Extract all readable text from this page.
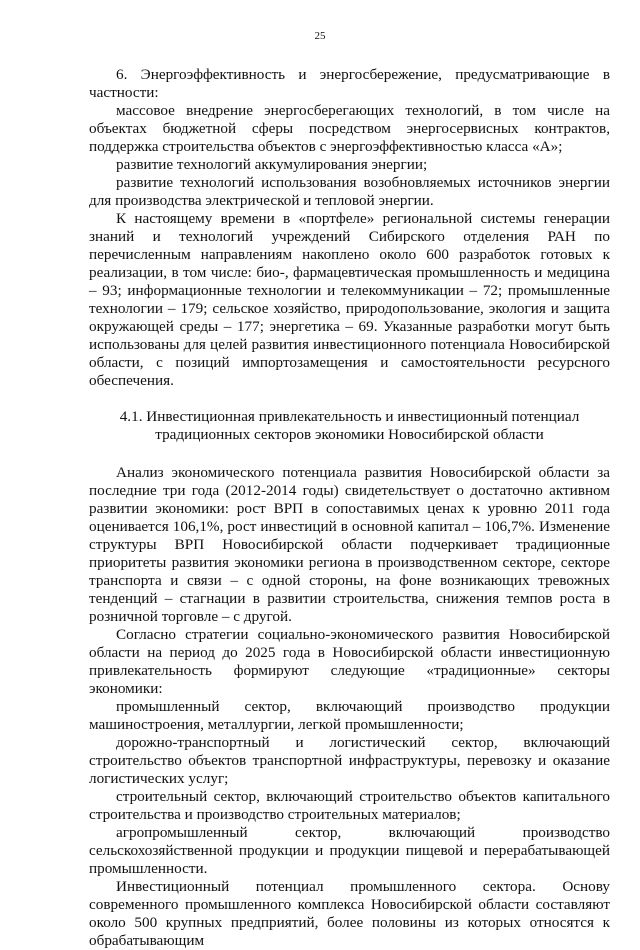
25

6. Энергоэффективность и энергосбережение, предусматривающие в частности:

массовое внедрение энергосберегающих технологий, в том числе на объектах бюджетной сферы посредством энергосервисных контрактов, поддержка строительства объектов с энергоэффективностью класса «А»;

развитие технологий аккумулирования энергии;

развитие технологий использования возобновляемых источников энергии для производства электрической и тепловой энергии.

К настоящему времени в «портфеле» региональной системы генерации знаний и технологий учреждений Сибирского отделения РАН по перечисленным направлениям накоплено около 600 разработок готовых к реализации, в том числе: био-, фармацевтическая промышленность и медицина – 93; информационные технологии и телекоммуникации – 72; промышленные технологии – 179; сельское хозяйство, природопользование, экология и защита окружающей среды – 177; энергетика – 69. Указанные разработки могут быть использованы для целей развития инвестиционного потенциала Новосибирской области, с позиций импортозамещения и самостоятельности ресурсного обеспечения.

4.1. Инвестиционная привлекательность и инвестиционный потенциал
традиционных секторов экономики Новосибирской области

Анализ экономического потенциала развития Новосибирской области за последние три года (2012-2014 годы) свидетельствует о достаточно активном развитии экономики: рост ВРП в сопоставимых ценах к уровню 2011 года оценивается 106,1%, рост инвестиций в основной капитал – 106,7%. Изменение структуры ВРП Новосибирской области подчеркивает традиционные приоритеты развития экономики региона в производственном секторе, секторе транспорта и связи – с одной стороны, на фоне возникающих тревожных тенденций – стагнации в развитии строительства, снижения темпов роста в розничной торговле – с другой.

Согласно стратегии социально-экономического развития Новосибирской области на период до 2025 года в Новосибирской области инвестиционную привлекательность формируют следующие «традиционные» секторы экономики:

промышленный сектор, включающий производство продукции машиностроения, металлургии, легкой промышленности;

дорожно-транспортный и логистический сектор, включающий строительство объектов транспортной инфраструктуры, перевозку и оказание логистических услуг;

строительный сектор, включающий строительство объектов капитального строительства и производство строительных материалов;

агропромышленный сектор, включающий производство сельскохозяйственной продукции и продукции пищевой и перерабатывающей промышленности.

Инвестиционный потенциал промышленного сектора. Основу современного промышленного комплекса Новосибирской области составляют около 500 крупных предприятий, более половины из которых относятся к обрабатывающим
